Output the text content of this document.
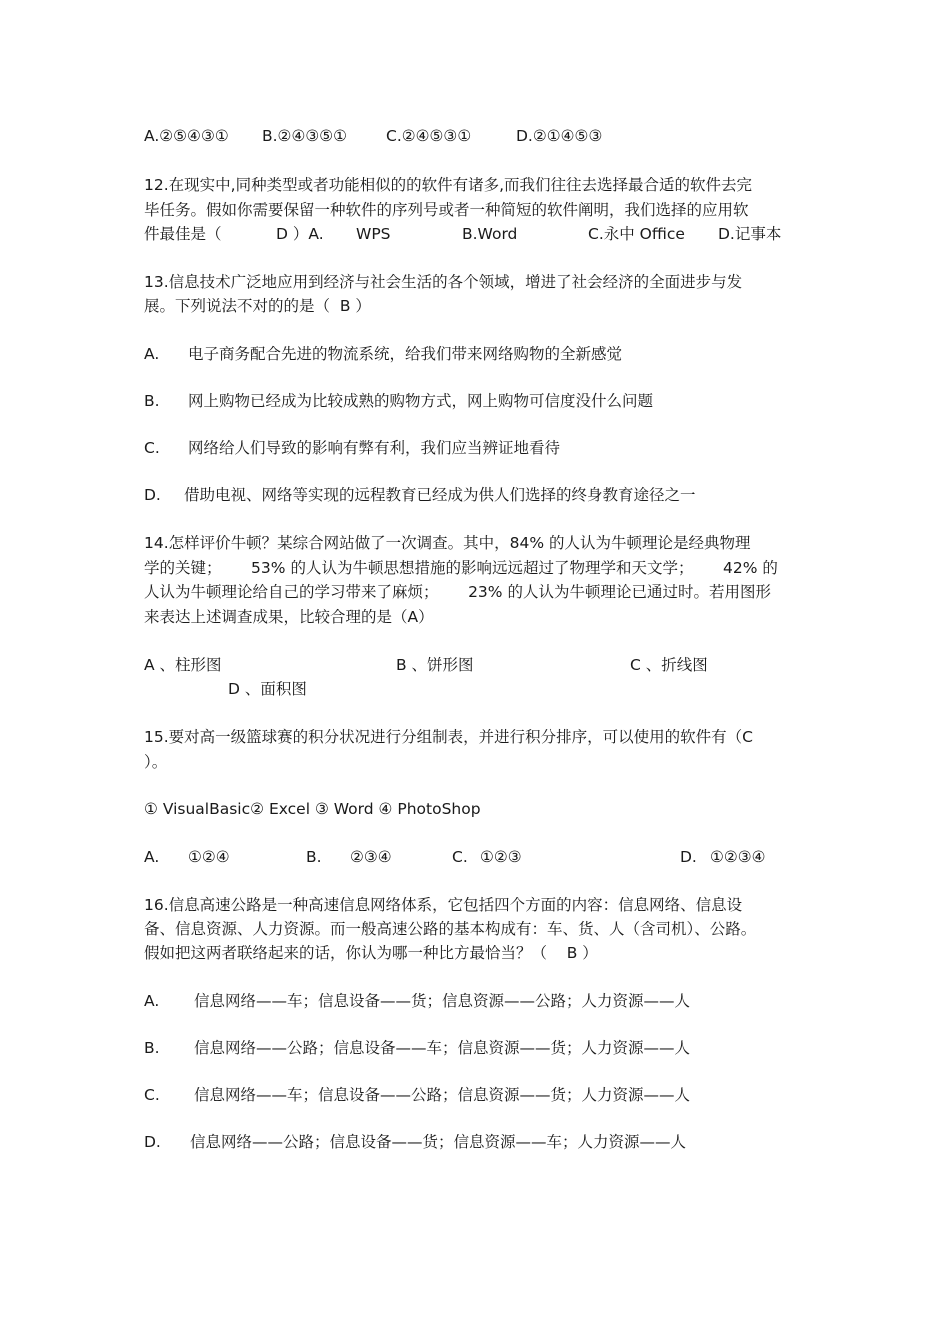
A.②⑤④③①

B.②④③⑤①

	C.②④⑤③①

	D.②①④⑤③

12.在现实中,同种类型或者功能相似的的软件有诸多,而我们往往去选择最合适的软件去完
毕任务。假如你需要保留一种软件的序列号或者一种简短的软件阐明，我们选择的应用软

件最佳是（

	D ）A.

WPS

	B.Word

	C.永中 Office

D.记事本

13.信息技术广泛地应用到经济与社会生活的各个领域，增进了社会经济的全面进步与发
展。下列说法不对的的是（  B ）

A.

电子商务配合先进的物流系统，给我们带来网络购物的全新感觉

B.

网上购物已经成为比较成熟的购物方式，网上购物可信度没什么问题

C.

网络给人们导致的影响有弊有利，我们应当辨证地看待

D.

借助电视、网络等实现的远程教育已经成为供人们选择的终身教育途径之一

14.怎样评价牛顿？某综合网站做了一次调查。其中，84% 的人认为牛顿理论是经典物理
学的关键；      53% 的人认为牛顿思想措施的影响远远超过了物理学和天文学；      42% 的
人认为牛顿理论给自己的学习带来了麻烦；      23% 的人认为牛顿理论已通过时。若用图形
来表达上述调查成果，比较合理的是（A）

A 、柱形图

	B 、饼形图

	C 、折线图

D 、面积图

15.要对高一级篮球赛的积分状况进行分组制表，并进行积分排序，可以使用的软件有（C
）。
① VisualBasic② Excel ③ Word ④ PhotoShop

A.

①②④

	B.

②③④

	C.

①②③

	D.

①②③④

16.信息高速公路是一种高速信息网络体系，它包括四个方面的内容：信息网络、信息设
备、信息资源、人力资源。而一般高速公路的基本构成有：车、货、人（含司机）、公路。
假如把这两者联络起来的话，你认为哪一种比方最恰当？（    B ）

A.

信息网络——车；信息设备——货；信息资源——公路；人力资源——人

B.

信息网络——公路；信息设备——车；信息资源——货；人力资源——人

C.

信息网络——车；信息设备——公路；信息资源——货；人力资源——人

D.

信息网络——公路；信息设备——货；信息资源——车；人力资源——人
